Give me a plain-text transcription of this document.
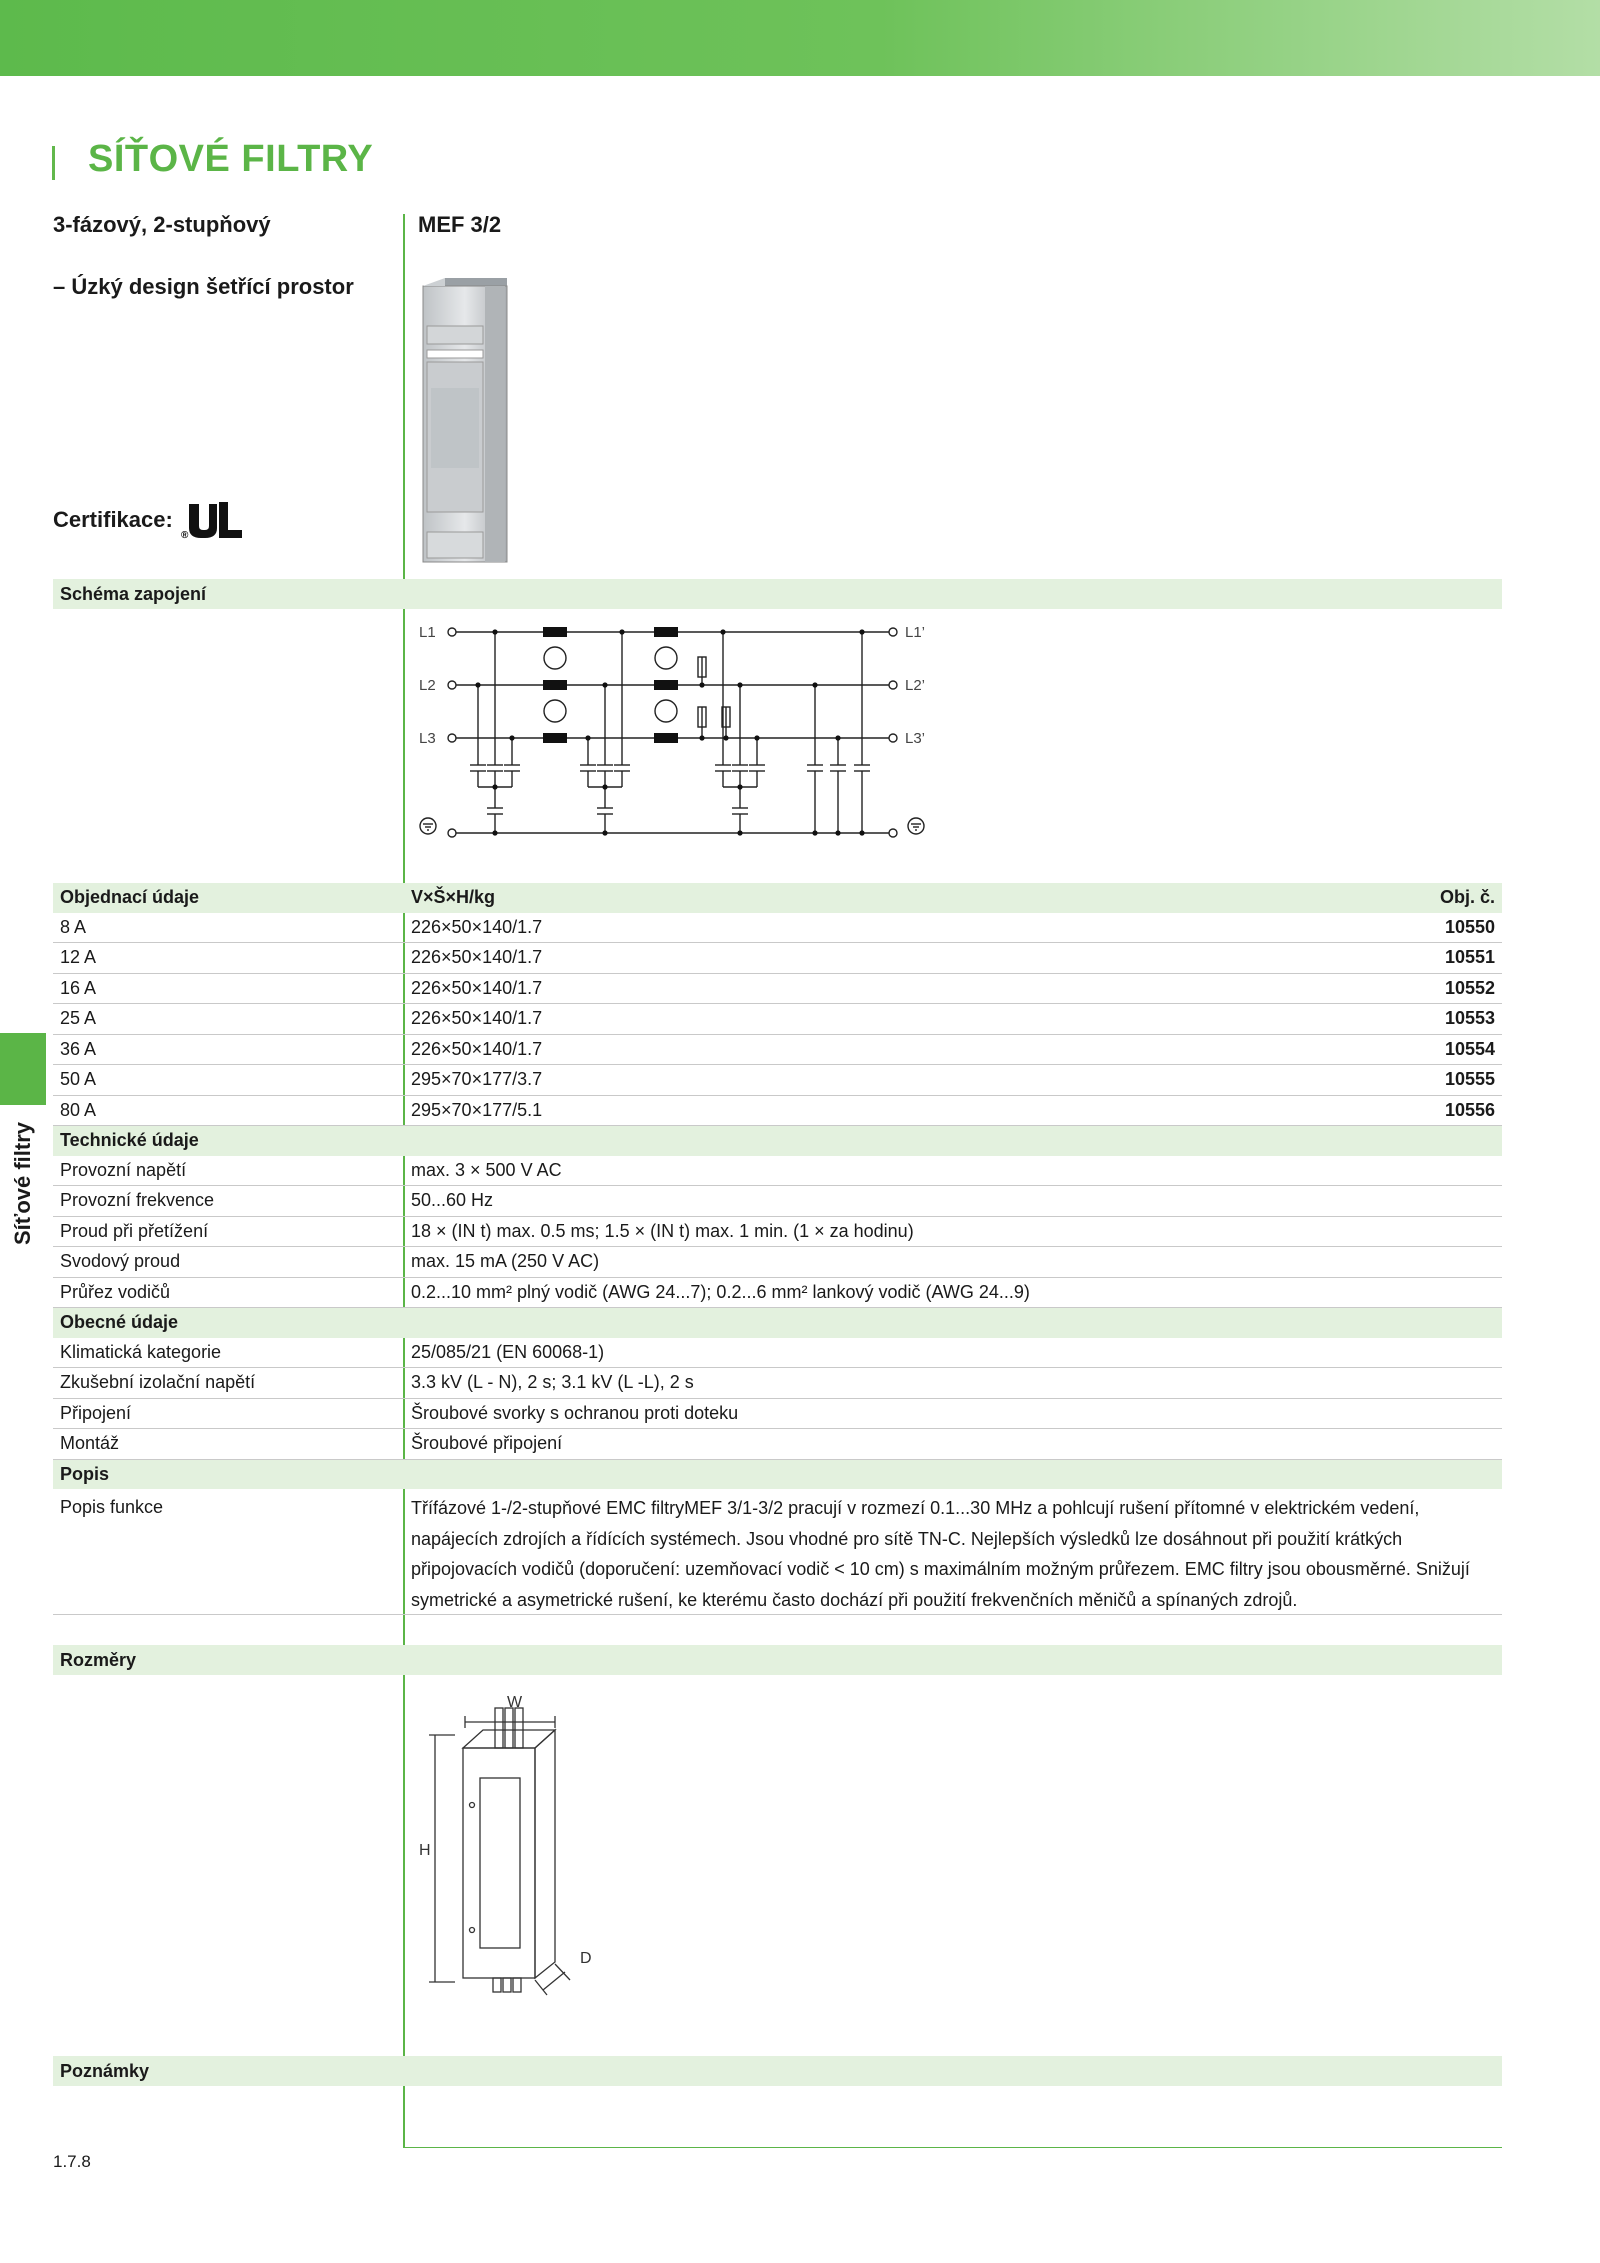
SÍŤOVÉ FILTRY
3-fázový, 2-stupňový
– Úzký design šetřící prostor
MEF 3/2
Certifikace:
®
Schéma zapojení
L1
L2
L3
L1’
L2’
L3’
Objednací údaje	V×Š×H/kg	Obj. č.
8 A	226×50×140/1.7	10550
12 A	226×50×140/1.7	10551
16 A	226×50×140/1.7	10552
25 A	226×50×140/1.7	10553
36 A	226×50×140/1.7	10554
50 A	295×70×177/3.7	10555
80 A	295×70×177/5.1	10556
Technické údaje
Provozní napětí	max. 3 × 500 V AC
Provozní frekvence	50...60 Hz
Proud při přetížení	18 × (IN t) max. 0.5 ms; 1.5 × (IN t) max. 1 min. (1 × za hodinu)
Svodový proud	max. 15 mA (250 V AC)
Průřez vodičů	0.2...10 mm² plný vodič (AWG 24...7); 0.2...6 mm² lankový vodič (AWG 24...9)
Obecné údaje
Klimatická kategorie	25/085/21 (EN 60068-1)
Zkušební izolační napětí	3.3 kV (L - N), 2 s; 3.1 kV (L -L), 2 s
Připojení	Šroubové svorky s ochranou proti doteku
Montáž	Šroubové připojení
Popis
Popis funkce	Třífázové 1-/2-stupňové EMC filtryMEF 3/1-3/2 pracují v rozmezí 0.1...30 MHz a pohlcují rušení přítomné v elektrickém vedení, napájecích zdrojích a řídících systémech. Jsou vhodné pro sítě TN-C. Nejlepších výsledků lze dosáhnout při použití krátkých připojovacích vodičů (doporučení: uzemňovací vodič < 10 cm) s maximálním možným průřezem. EMC filtry jsou obousměrné. Snižují symetrické a asymetrické rušení, ke kterému často dochází při použití frekvenčních měničů a spínaných zdrojů.
Rozměry
W
H
D
Poznámky
Síťové filtry
1.7.8
